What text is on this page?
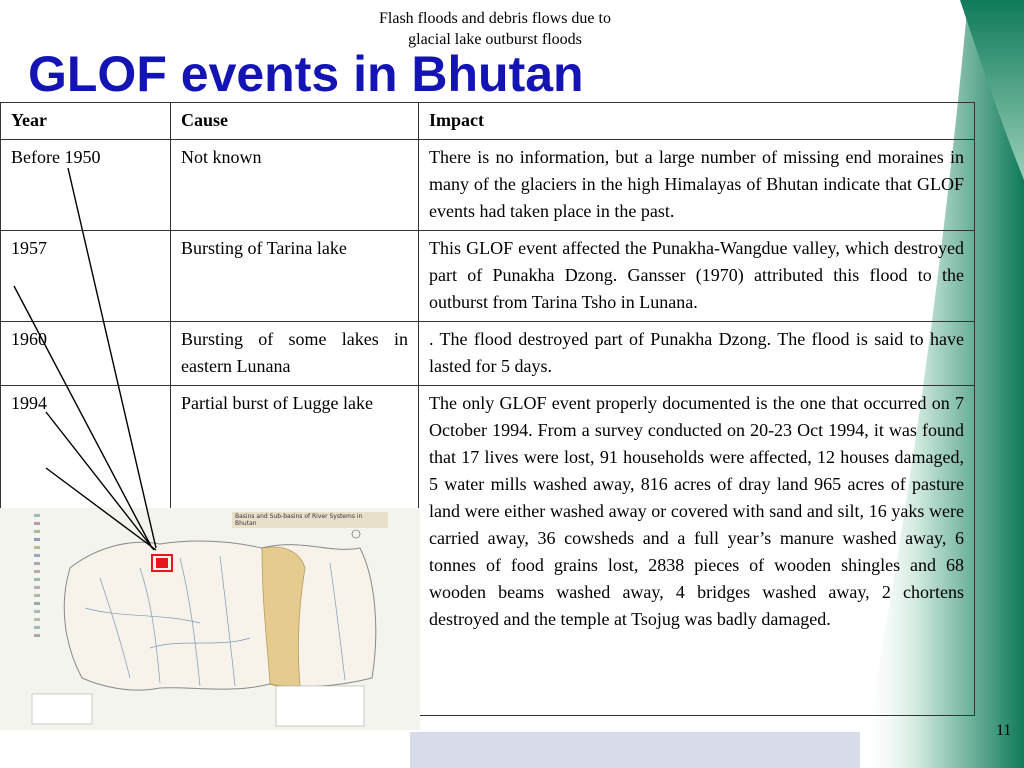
Flash floods and debris flows due to
glacial lake outburst floods
GLOF events in Bhutan
Year	Cause	Impact
Before 1950	Not known	There is no information, but a large number of missing end moraines in many of the glaciers in the high Himalayas of Bhutan indicate that GLOF events had taken place in the past.
1957	Bursting of Tarina lake	This GLOF event affected the Punakha-Wangdue valley, which destroyed part of Punakha Dzong. Gansser (1970) attributed this flood to the outburst from Tarina Tsho in Lunana.
1960	Bursting of some lakes in eastern Lunana	. The flood destroyed part of Punakha Dzong. The flood is said to have lasted for 5 days.
1994	Partial burst of Lugge lake	The only GLOF event properly documented is the one that occurred on 7 October 1994. From a survey conducted on 20-23 Oct 1994, it was found that 17 lives were lost, 91 households were affected, 12 houses damaged, 5 water mills washed away, 816 acres of dray land 965 acres of pasture land were either washed away or covered with sand and silt, 16 yaks were carried away, 36 cowsheds and a full year’s manure washed away, 6 tonnes of food grains lost, 2838 pieces of wooden shingles and 68 wooden beams washed away, 4 bridges washed away, 2 chortens destroyed and the temple at Tsojug was badly damaged.
Basins and Sub-basins of River Systems in Bhutan
11
